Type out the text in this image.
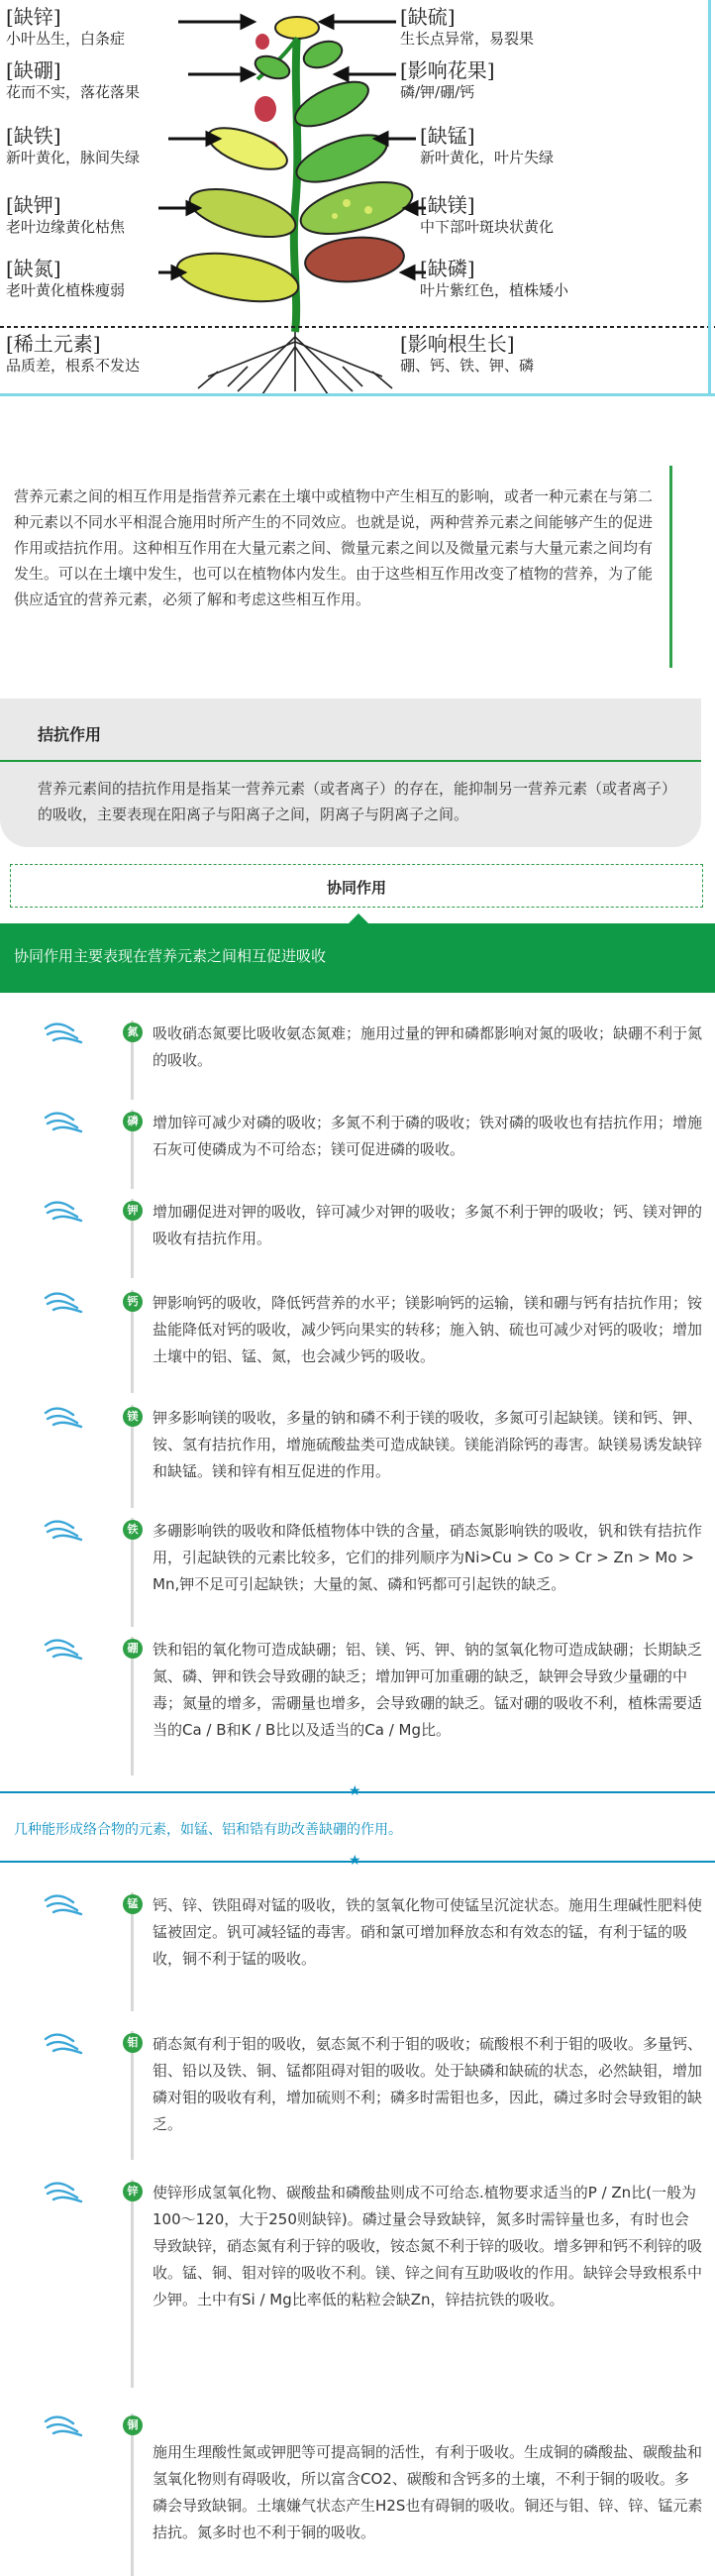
[缺锌]
小叶丛生，白条症
[缺硫]
生长点异常，易裂果
[缺硼]
花而不实，落花落果
[影响花果]
磷/钾/硼/钙
[缺铁]
新叶黄化，脉间失绿
[缺锰]
新叶黄化，叶片失绿
[缺钾]
老叶边缘黄化枯焦
[缺镁]
中下部叶斑块状黄化
[缺氮]
老叶黄化植株瘦弱
[缺磷]
叶片紫红色，植株矮小
[稀土元素]
品质差，根系不发达
[影响根生长]
硼、钙、铁、钾、磷

营养元素之间的相互作用是指营养元素在土壤中或植物中产生相互的影响，或者一种元素在与第二种元素以不同水平相混合施用时所产生的不同效应。也就是说，两种营养元素之间能够产生的促进作用或拮抗作用。这种相互作用在大量元素之间、微量元素之间以及微量元素与大量元素之间均有发生。可以在土壤中发生，也可以在植物体内发生。由于这些相互作用改变了植物的营养，为了能供应适宜的营养元素，必须了解和考虑这些相互作用。

拮抗作用
营养元素间的拮抗作用是指某一营养元素（或者离子）的存在，能抑制另一营养元素（或者离子）的吸收，主要表现在阳离子与阳离子之间，阴离子与阴离子之间。
协同作用
协同作用主要表现在营养元素之间相互促进吸收
氮 吸收硝态氮要比吸收氨态氮难；施用过量的钾和磷都影响对氮的吸收；缺硼不利于氮的吸收。
磷 增加锌可减少对磷的吸收；多氮不利于磷的吸收；铁对磷的吸收也有拮抗作用；增施石灰可使磷成为不可给态；镁可促进磷的吸收。
钾 增加硼促进对钾的吸收，锌可减少对钾的吸收；多氮不利于钾的吸收；钙、镁对钾的吸收有拮抗作用。
钙 钾影响钙的吸收，降低钙营养的水平；镁影响钙的运输，镁和硼与钙有拮抗作用；铵盐能降低对钙的吸收，减少钙向果实的转移；施入钠、硫也可减少对钙的吸收；增加土壤中的铝、锰、氮，也会减少钙的吸收。
镁 钾多影响镁的吸收，多量的钠和磷不利于镁的吸收，多氮可引起缺镁。镁和钙、钾、铵、氢有拮抗作用，增施硫酸盐类可造成缺镁。镁能消除钙的毒害。缺镁易诱发缺锌和缺锰。镁和锌有相互促进的作用。
铁 多硼影响铁的吸收和降低植物体中铁的含量，硝态氮影响铁的吸收，钒和铁有拮抗作用，引起缺铁的元素比较多，它们的排列顺序为Ni>Cu > Co > Cr > Zn > Mo > Mn,钾不足可引起缺铁；大量的氮、磷和钙都可引起铁的缺乏。
硼 铁和铝的氧化物可造成缺硼；铝、镁、钙、钾、钠的氢氧化物可造成缺硼；长期缺乏氮、磷、钾和铁会导致硼的缺乏；增加钾可加重硼的缺乏，缺钾会导致少量硼的中毒；氮量的增多，需硼量也增多，会导致硼的缺乏。锰对硼的吸收不利，植株需要适当的Ca / B和K / B比以及适当的Ca / Mg比。
★
几种能形成络合物的元素，如锰、铝和锆有助改善缺硼的作用。
★
锰 钙、锌、铁阻碍对锰的吸收，铁的氢氧化物可使锰呈沉淀状态。施用生理碱性肥料使锰被固定。钒可减轻锰的毒害。硝和氯可增加释放态和有效态的锰，有利于锰的吸收，铜不利于锰的吸收。
钼 硝态氮有利于钼的吸收，氨态氮不利于钼的吸收；硫酸根不利于钼的吸收。多量钙、钼、铅以及铁、铜、锰都阻碍对钼的吸收。处于缺磷和缺硫的状态，必然缺钼，增加磷对钼的吸收有利，增加硫则不利；磷多时需钼也多，因此，磷过多时会导致钼的缺乏。
锌 使锌形成氢氧化物、碳酸盐和磷酸盐则成不可给态.植物要求适当的P / Zn比(一般为100～120，大于250则缺锌)。磷过量会导致缺锌，氮多时需锌量也多，有时也会导致缺锌，硝态氮有利于锌的吸收，铵态氮不利于锌的吸收。增多钾和钙不利锌的吸收。锰、铜、钼对锌的吸收不利。镁、锌之间有互助吸收的作用。缺锌会导致根系中少钾。土中有Si / Mg比率低的粘粒会缺Zn，锌拮抗铁的吸收。
铜
施用生理酸性氮或钾肥等可提高铜的活性，有利于吸收。生成铜的磷酸盐、碳酸盐和氢氧化物则有碍吸收，所以富含CO2、碳酸和含钙多的土壤，不利于铜的吸收。多磷会导致缺铜。土壤嫌气状态产生H2S也有碍铜的吸收。铜还与钼、锌、锌、锰元素拮抗。氮多时也不利于铜的吸收。
